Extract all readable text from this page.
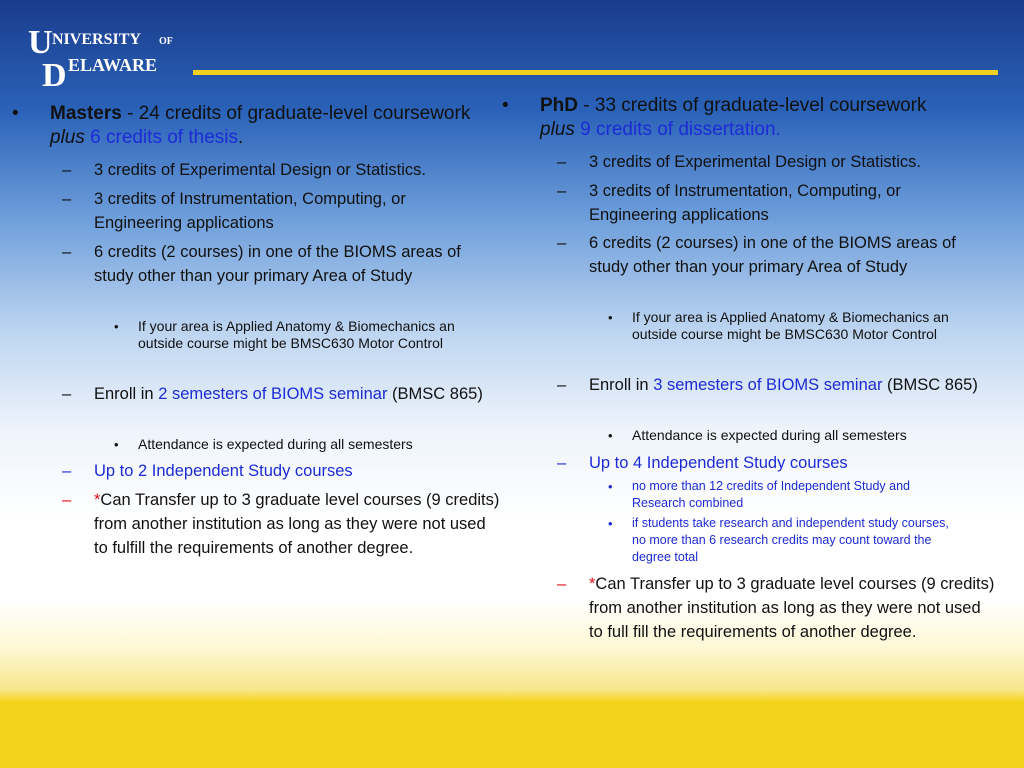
U NIVERSITY OF
D ELAWARE
•	Masters - 24 credits of graduate-level coursework plus 6 credits of thesis.
– 3 credits of Experimental Design or Statistics.
– 3 credits of Instrumentation, Computing, or Engineering applications
– 6 credits (2 courses) in one of the BIOMS areas of study other than your primary Area of Study
• If your area is Applied Anatomy & Biomechanics an outside course might be BMSC630 Motor Control
– Enroll in 2 semesters of BIOMS seminar (BMSC 865)
• Attendance is expected during all semesters
– Up to 2 Independent Study courses
– *Can Transfer up to 3 graduate level courses (9 credits) from another institution as long as they were not used to fulfill the requirements of another degree.
•	PhD - 33 credits of graduate-level coursework plus 9 credits of dissertation.
– 3 credits of Experimental Design or Statistics.
– 3 credits of Instrumentation, Computing, or Engineering applications
– 6 credits (2 courses) in one of the BIOMS areas of study other than your primary Area of Study
• If your area is Applied Anatomy & Biomechanics an outside course might be BMSC630 Motor Control
– Enroll in 3 semesters of BIOMS seminar (BMSC 865)
• Attendance is expected during all semesters
– Up to 4 Independent Study courses
• no more than 12 credits of Independent Study and Research combined
• if students take research and independent study courses, no more than 6 research credits may count toward the degree total
– *Can Transfer up to 3 graduate level courses (9 credits) from another institution as long as they were not used to full fill the requirements of another degree.
